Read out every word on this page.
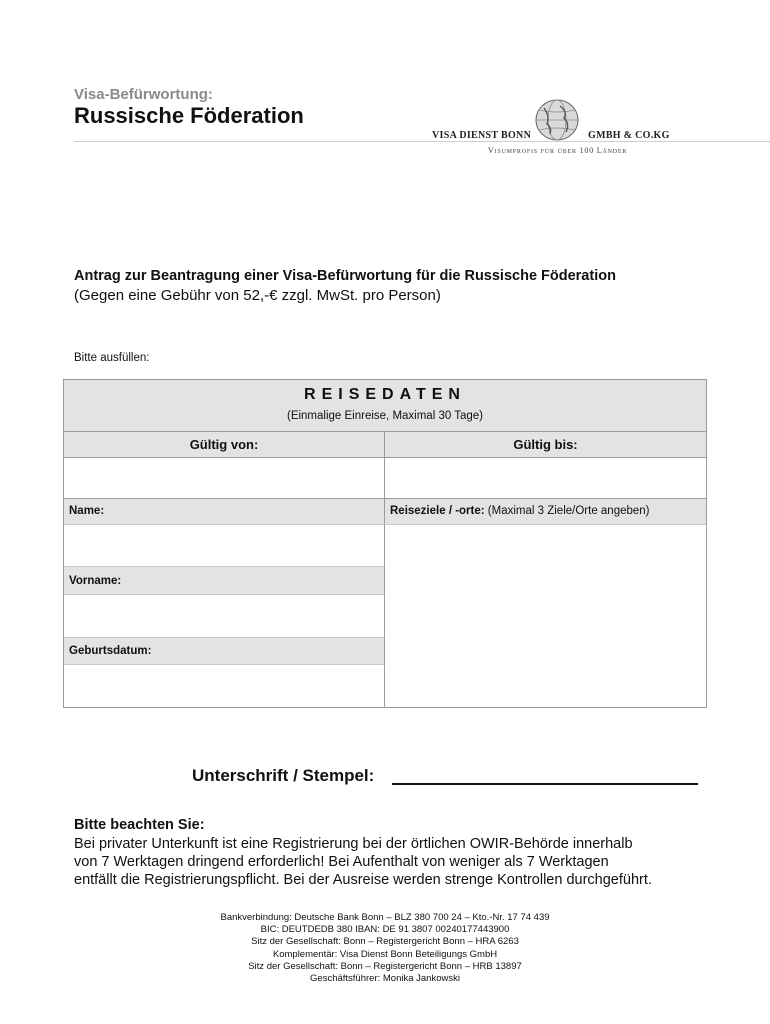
Visa-Befürwortung:
Russische Föderation
VISA DIENST BONN	GMBH & CO.KG
Visumprofis für über 100 Länder
Antrag zur Beantragung einer Visa-Befürwortung für die Russische Föderation
(Gegen eine Gebühr von 52,-€ zzgl. MwSt. pro Person)
Bitte ausfüllen:
REISEDATEN
(Einmalige Einreise, Maximal 30 Tage)
Gültig von:	Gültig bis:
Name:
Vorname:
Geburtsdatum:
Reiseziele / -orte: (Maximal 3 Ziele/Orte angeben)
Unterschrift / Stempel:
Bitte beachten Sie:
Bei privater Unterkunft ist eine Registrierung bei der örtlichen OWIR-Behörde innerhalb
von 7 Werktagen dringend erforderlich! Bei Aufenthalt von weniger als 7 Werktagen
entfällt die Registrierungspflicht. Bei der Ausreise werden strenge Kontrollen durchgeführt.
Bankverbindung: Deutsche Bank Bonn – BLZ 380 700 24 – Kto.-Nr. 17 74 439
BIC: DEUTDEDB 380 IBAN: DE 91 3807 00240177443900
Sitz der Gesellschaft: Bonn – Registergericht Bonn – HRA 6263
Komplementär: Visa Dienst Bonn Beteiligungs GmbH
Sitz der Gesellschaft: Bonn – Registergericht Bonn – HRB 13897
Geschäftsführer: Monika Jankowski
